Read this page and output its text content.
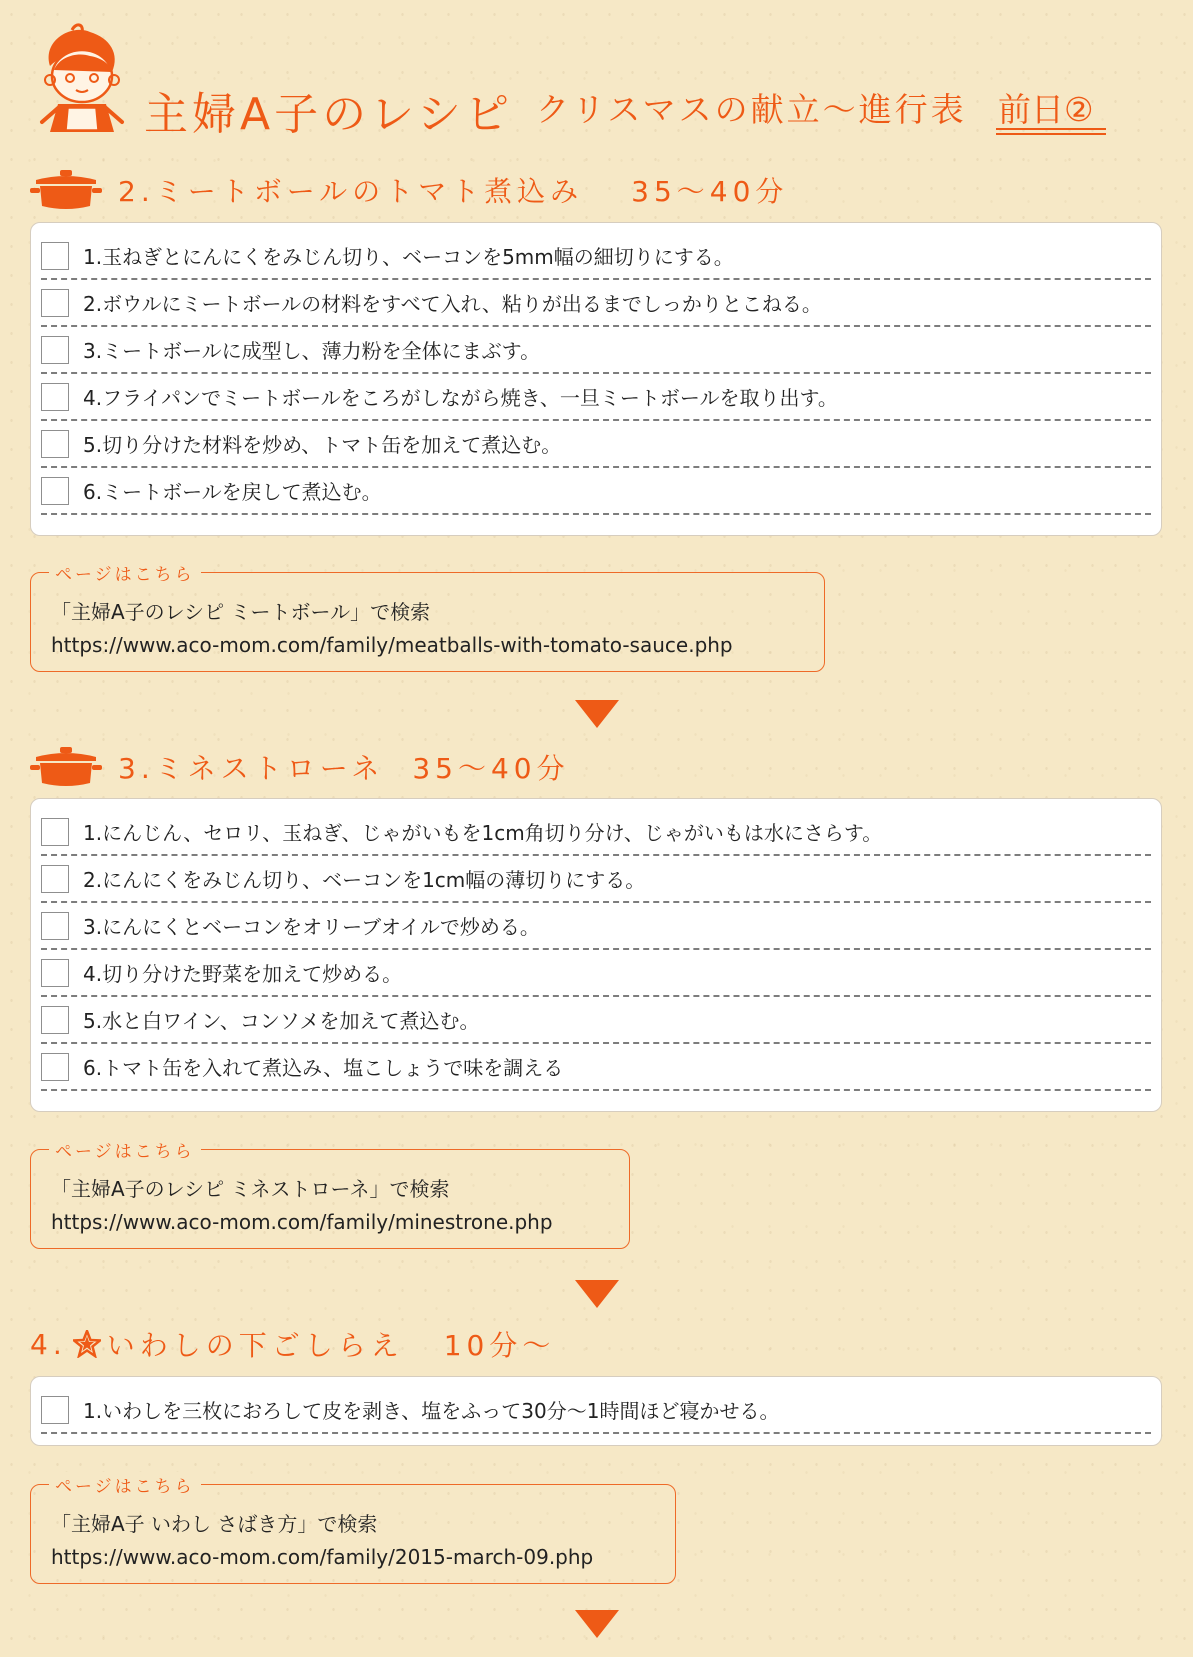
主婦A子のレシピ クリスマスの献立〜進行表 前日②
2.ミートボールのトマト煮込み 35〜40分
1.玉ねぎとにんにくをみじん切り、ベーコンを5mm幅の細切りにする。
2.ボウルにミートボールの材料をすべて入れ、粘りが出るまでしっかりとこねる。
3.ミートボールに成型し、薄力粉を全体にまぶす。
4.フライパンでミートボールをころがしながら焼き、一旦ミートボールを取り出す。
5.切り分けた材料を炒め、トマト缶を加えて煮込む。
6.ミートボールを戻して煮込む。
ページはこちら
「主婦A子のレシピ ミートボール」で検索
https://www.aco-mom.com/family/meatballs-with-tomato-sauce.php
3.ミネストローネ 35〜40分
1.にんじん、セロリ、玉ねぎ、じゃがいもを1cm角切り分け、じゃがいもは水にさらす。
2.にんにくをみじん切り、ベーコンを1cm幅の薄切りにする。
3.にんにくとベーコンをオリーブオイルで炒める。
4.切り分けた野菜を加えて炒める。
5.水と白ワイン、コンソメを加えて煮込む。
6.トマト缶を入れて煮込み、塩こしょうで味を調える
ページはこちら
「主婦A子のレシピ ミネストローネ」で検索
https://www.aco-mom.com/family/minestrone.php
4. いわしの下ごしらえ 10分〜
1.いわしを三枚におろして皮を剥き、塩をふって30分〜1時間ほど寝かせる。
ページはこちら
「主婦A子 いわし さばき方」で検索
https://www.aco-mom.com/family/2015-march-09.php
